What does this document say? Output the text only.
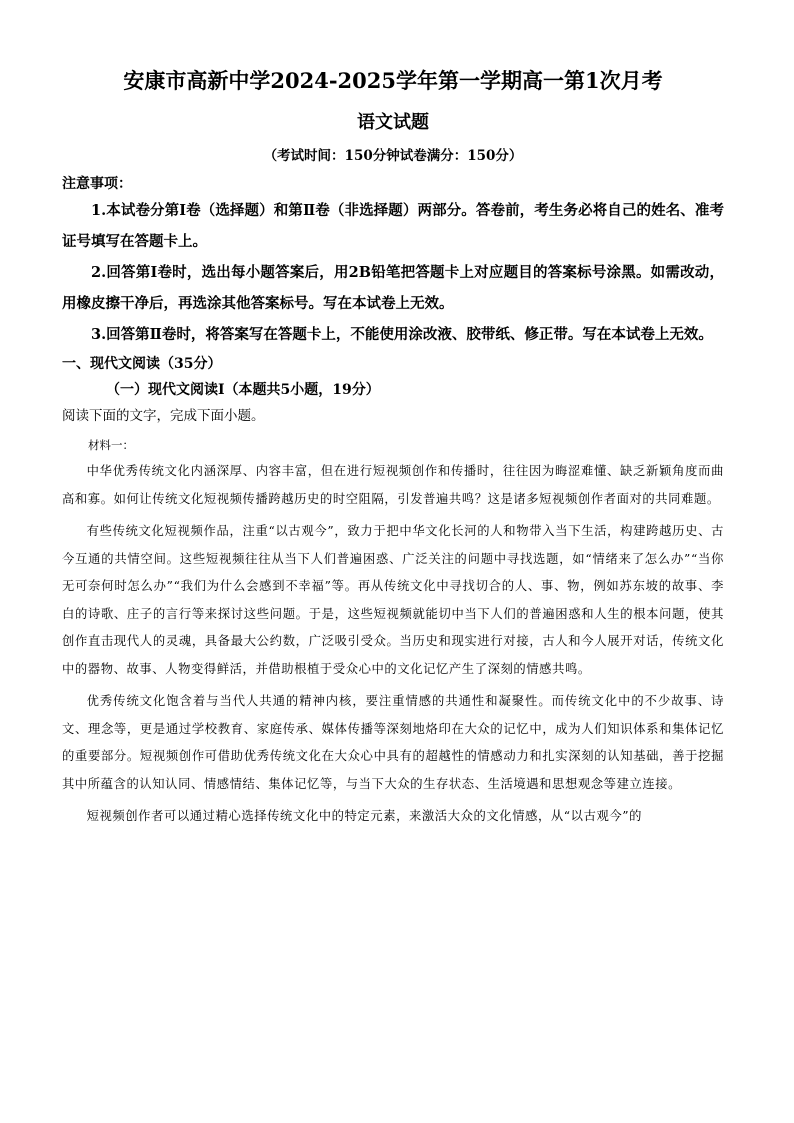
安康市高新中学2024-2025学年第一学期高一第1次月考
语文试题
（考试时间：150分钟试卷满分：150分）
注意事项：

1.本试卷分第Ⅰ卷（选择题）和第Ⅱ卷（非选择题）两部分。答卷前，考生务必将自己的姓名、准考证号填写在答题卡上。

2.回答第Ⅰ卷时，选出每小题答案后，用2B铅笔把答题卡上对应题目的答案标号涂黑。如需改动，用橡皮擦干净后，再选涂其他答案标号。写在本试卷上无效。

3.回答第Ⅱ卷时，将答案写在答题卡上，不能使用涂改液、胶带纸、修正带。写在本试卷上无效。

一、现代文阅读（35分）
（一）现代文阅读Ⅰ（本题共5小题，19分）
阅读下面的文字，完成下面小题。
材料一：

中华优秀传统文化内涵深厚、内容丰富，但在进行短视频创作和传播时，往往因为晦涩难懂、缺乏新颖角度而曲高和寡。如何让传统文化短视频传播跨越历史的时空阻隔，引发普遍共鸣？这是诸多短视频创作者面对的共同难题。

有些传统文化短视频作品，注重“以古观今”，致力于把中华文化长河的人和物带入当下生活，构建跨越历史、古今互通的共情空间。这些短视频往往从当下人们普遍困惑、广泛关注的问题中寻找选题，如“情绪来了怎么办”“当你无可奈何时怎么办”“我们为什么会感到不幸福”等。再从传统文化中寻找切合的人、事、物，例如苏东坡的故事、李白的诗歌、庄子的言行等来探讨这些问题。于是，这些短视频就能切中当下人们的普遍困惑和人生的根本问题，使其创作直击现代人的灵魂，具备最大公约数，广泛吸引受众。当历史和现实进行对接，古人和今人展开对话，传统文化中的器物、故事、人物变得鲜活，并借助根植于受众心中的文化记忆产生了深刻的情感共鸣。

优秀传统文化饱含着与当代人共通的精神内核，要注重情感的共通性和凝聚性。而传统文化中的不少故事、诗文、理念等，更是通过学校教育、家庭传承、媒体传播等深刻地烙印在大众的记忆中，成为人们知识体系和集体记忆的重要部分。短视频创作可借助优秀传统文化在大众心中具有的超越性的情感动力和扎实深刻的认知基础，善于挖掘其中所蕴含的认知认同、情感情结、集体记忆等，与当下大众的生存状态、生活境遇和思想观念等建立连接。

短视频创作者可以通过精心选择传统文化中的特定元素，来激活大众的文化情感，从“以古观今”的
